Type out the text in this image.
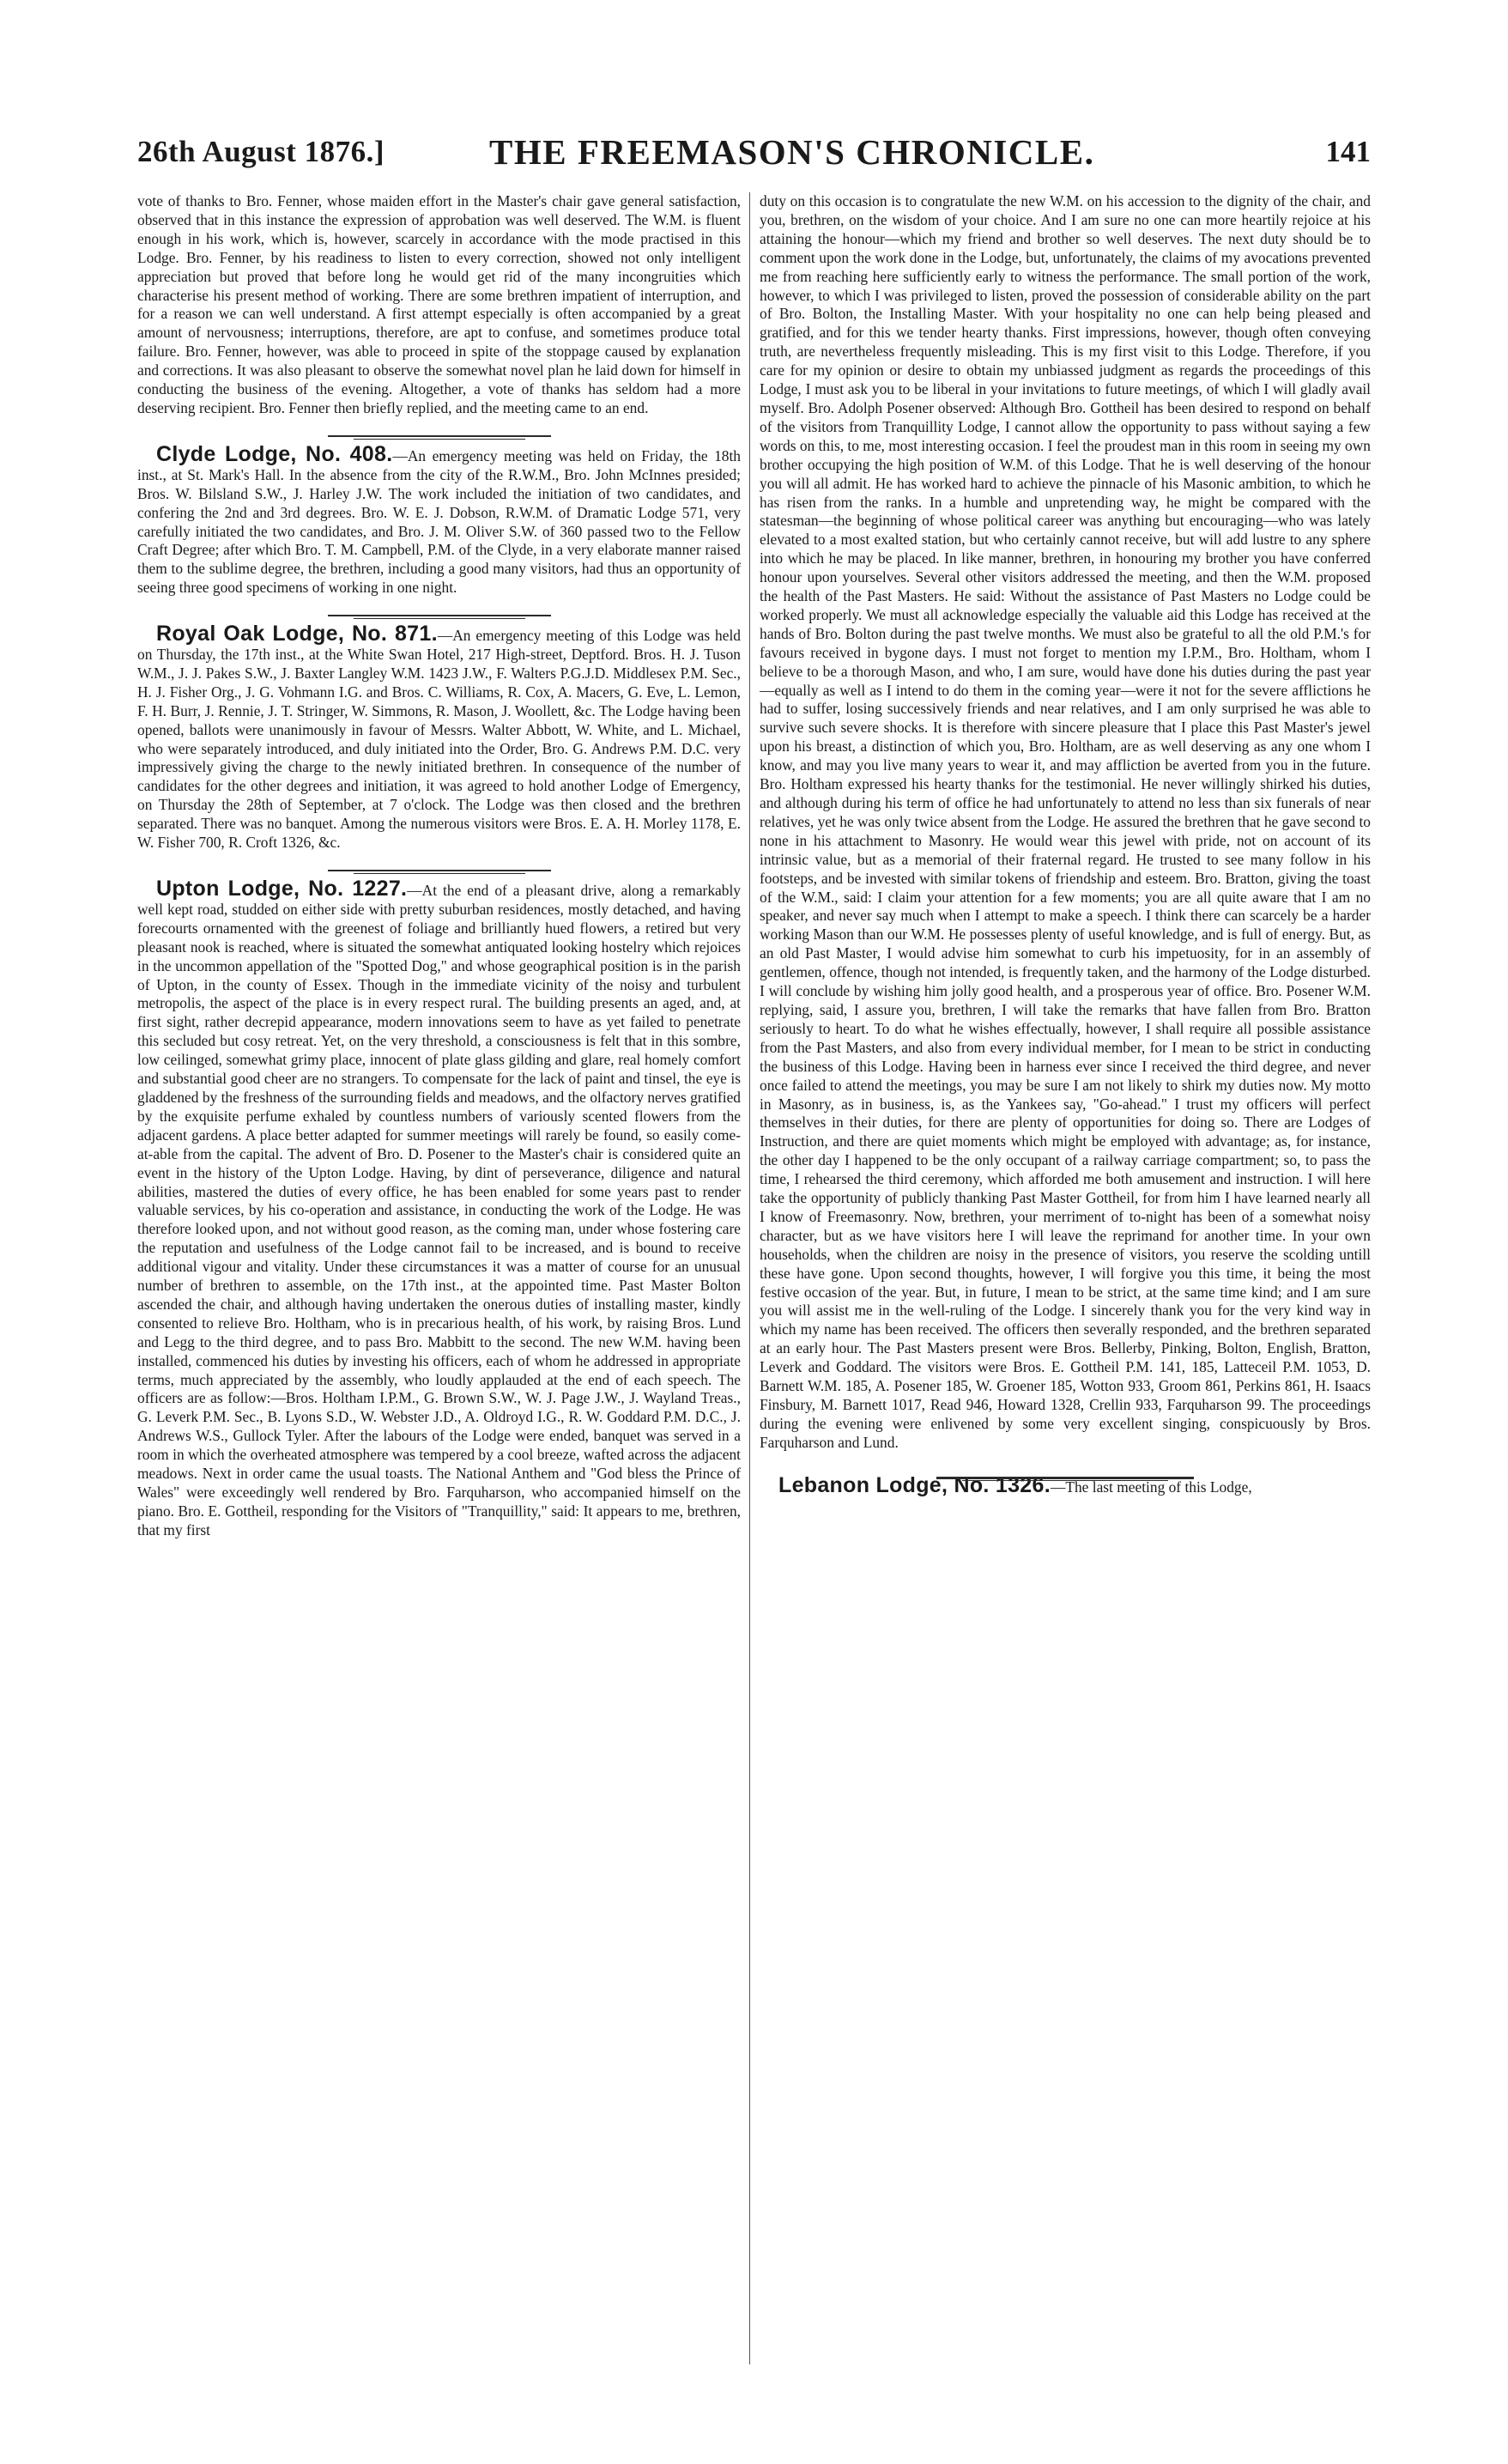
26th August 1876.]	THE FREEMASON'S CHRONICLE.	141

vote of thanks to Bro. Fenner, whose maiden effort in the Master's chair gave general satisfaction, observed that in this instance the expression of approbation was well deserved. The W.M. is fluent enough in his work, which is, however, scarcely in accordance with the mode practised in this Lodge. Bro. Fenner, by his readiness to listen to every correction, showed not only intelligent appreciation but proved that before long he would get rid of the many incongruities which characterise his present method of working. There are some brethren impatient of interruption, and for a reason we can well understand. A first attempt especially is often accompanied by a great amount of nervousness; interruptions, therefore, are apt to confuse, and sometimes produce total failure. Bro. Fenner, however, was able to proceed in spite of the stoppage caused by explanation and corrections. It was also pleasant to observe the somewhat novel plan he laid down for himself in conducting the business of the evening. Altogether, a vote of thanks has seldom had a more deserving recipient. Bro. Fenner then briefly replied, and the meeting came to an end.

Clyde Lodge, No. 408.—An emergency meeting was held on Friday, the 18th inst., at St. Mark's Hall. In the absence from the city of the R.W.M., Bro. John McInnes presided; Bros. W. Bilsland S.W., J. Harley J.W. The work included the initiation of two candidates, and confering the 2nd and 3rd degrees. Bro. W. E. J. Dobson, R.W.M. of Dramatic Lodge 571, very carefully initiated the two candidates, and Bro. J. M. Oliver S.W. of 360 passed two to the Fellow Craft Degree; after which Bro. T. M. Campbell, P.M. of the Clyde, in a very elaborate manner raised them to the sublime degree, the brethren, including a good many visitors, had thus an opportunity of seeing three good specimens of working in one night.

Royal Oak Lodge, No. 871.—An emergency meeting of this Lodge was held on Thursday, the 17th inst., at the White Swan Hotel, 217 High-street, Deptford. Bros. H. J. Tuson W.M., J. J. Pakes S.W., J. Baxter Langley W.M. 1423 J.W., F. Walters P.G.J.D. Middlesex P.M. Sec., H. J. Fisher Org., J. G. Vohmann I.G. and Bros. C. Williams, R. Cox, A. Macers, G. Eve, L. Lemon, F. H. Burr, J. Rennie, J. T. Stringer, W. Simmons, R. Mason, J. Woollett, &c. The Lodge having been opened, ballots were unanimously in favour of Messrs. Walter Abbott, W. White, and L. Michael, who were separately introduced, and duly initiated into the Order, Bro. G. Andrews P.M. D.C. very impressively giving the charge to the newly initiated brethren. In consequence of the number of candidates for the other degrees and initiation, it was agreed to hold another Lodge of Emergency, on Thursday the 28th of September, at 7 o'clock. The Lodge was then closed and the brethren separated. There was no banquet. Among the numerous visitors were Bros. E. A. H. Morley 1178, E. W. Fisher 700, R. Croft 1326, &c.

Upton Lodge, No. 1227.—At the end of a pleasant drive, along a remarkably well kept road, studded on either side with pretty suburban residences, mostly detached, and having forecourts ornamented with the greenest of foliage and brilliantly hued flowers, a retired but very pleasant nook is reached, where is situated the somewhat antiquated looking hostelry which rejoices in the uncommon appellation of the "Spotted Dog," and whose geographical position is in the parish of Upton, in the county of Essex. Though in the immediate vicinity of the noisy and turbulent metropolis, the aspect of the place is in every respect rural. The building presents an aged, and, at first sight, rather decrepid appearance, modern innovations seem to have as yet failed to penetrate this secluded but cosy retreat. Yet, on the very threshold, a consciousness is felt that in this sombre, low ceilinged, somewhat grimy place, innocent of plate glass gilding and glare, real homely comfort and substantial good cheer are no strangers. To compensate for the lack of paint and tinsel, the eye is gladdened by the freshness of the surrounding fields and meadows, and the olfactory nerves gratified by the exquisite perfume exhaled by countless numbers of variously scented flowers from the adjacent gardens. A place better adapted for summer meetings will rarely be found, so easily come-at-able from the capital. The advent of Bro. D. Posener to the Master's chair is considered quite an event in the history of the Upton Lodge. Having, by dint of perseverance, diligence and natural abilities, mastered the duties of every office, he has been enabled for some years past to render valuable services, by his co-operation and assistance, in conducting the work of the Lodge. He was therefore looked upon, and not without good reason, as the coming man, under whose fostering care the reputation and usefulness of the Lodge cannot fail to be increased, and is bound to receive additional vigour and vitality. Under these circumstances it was a matter of course for an unusual number of brethren to assemble, on the 17th inst., at the appointed time. Past Master Bolton ascended the chair, and although having undertaken the onerous duties of installing master, kindly consented to relieve Bro. Holtham, who is in precarious health, of his work, by raising Bros. Lund and Legg to the third degree, and to pass Bro. Mabbitt to the second. The new W.M. having been installed, commenced his duties by investing his officers, each of whom he addressed in appropriate terms, much appreciated by the assembly, who loudly applauded at the end of each speech. The officers are as follow:—Bros. Holtham I.P.M., G. Brown S.W., W. J. Page J.W., J. Wayland Treas., G. Leverk P.M. Sec., B. Lyons S.D., W. Webster J.D., A. Oldroyd I.G., R. W. Goddard P.M. D.C., J. Andrews W.S., Gullock Tyler. After the labours of the Lodge were ended, banquet was served in a room in which the overheated atmosphere was tempered by a cool breeze, wafted across the adjacent meadows. Next in order came the usual toasts. The National Anthem and "God bless the Prince of Wales" were exceedingly well rendered by Bro. Farquharson, who accompanied himself on the piano. Bro. E. Gottheil, responding for the Visitors of "Tranquillity," said: It appears to me, brethren, that my first

duty on this occasion is to congratulate the new W.M. on his accession to the dignity of the chair, and you, brethren, on the wisdom of your choice. And I am sure no one can more heartily rejoice at his attaining the honour—which my friend and brother so well deserves. The next duty should be to comment upon the work done in the Lodge, but, unfortunately, the claims of my avocations prevented me from reaching here sufficiently early to witness the performance. The small portion of the work, however, to which I was privileged to listen, proved the possession of considerable ability on the part of Bro. Bolton, the Installing Master. With your hospitality no one can help being pleased and gratified, and for this we tender hearty thanks. First impressions, however, though often conveying truth, are nevertheless frequently misleading. This is my first visit to this Lodge. Therefore, if you care for my opinion or desire to obtain my unbiassed judgment as regards the proceedings of this Lodge, I must ask you to be liberal in your invitations to future meetings, of which I will gladly avail myself. Bro. Adolph Posener observed: Although Bro. Gottheil has been desired to respond on behalf of the visitors from Tranquillity Lodge, I cannot allow the opportunity to pass without saying a few words on this, to me, most interesting occasion. I feel the proudest man in this room in seeing my own brother occupying the high position of W.M. of this Lodge. That he is well deserving of the honour you will all admit. He has worked hard to achieve the pinnacle of his Masonic ambition, to which he has risen from the ranks. In a humble and unpretending way, he might be compared with the statesman—the beginning of whose political career was anything but encouraging—who was lately elevated to a most exalted station, but who certainly cannot receive, but will add lustre to any sphere into which he may be placed. In like manner, brethren, in honouring my brother you have conferred honour upon yourselves. Several other visitors addressed the meeting, and then the W.M. proposed the health of the Past Masters. He said: Without the assistance of Past Masters no Lodge could be worked properly. We must all acknowledge especially the valuable aid this Lodge has received at the hands of Bro. Bolton during the past twelve months. We must also be grateful to all the old P.M.'s for favours received in bygone days. I must not forget to mention my I.P.M., Bro. Holtham, whom I believe to be a thorough Mason, and who, I am sure, would have done his duties during the past year—equally as well as I intend to do them in the coming year—were it not for the severe afflictions he had to suffer, losing successively friends and near relatives, and I am only surprised he was able to survive such severe shocks. It is therefore with sincere pleasure that I place this Past Master's jewel upon his breast, a distinction of which you, Bro. Holtham, are as well deserving as any one whom I know, and may you live many years to wear it, and may affliction be averted from you in the future. Bro. Holtham expressed his hearty thanks for the testimonial. He never willingly shirked his duties, and although during his term of office he had unfortunately to attend no less than six funerals of near relatives, yet he was only twice absent from the Lodge. He assured the brethren that he gave second to none in his attachment to Masonry. He would wear this jewel with pride, not on account of its intrinsic value, but as a memorial of their fraternal regard. He trusted to see many follow in his footsteps, and be invested with similar tokens of friendship and esteem. Bro. Bratton, giving the toast of the W.M., said: I claim your attention for a few moments; you are all quite aware that I am no speaker, and never say much when I attempt to make a speech. I think there can scarcely be a harder working Mason than our W.M. He possesses plenty of useful knowledge, and is full of energy. But, as an old Past Master, I would advise him somewhat to curb his impetuosity, for in an assembly of gentlemen, offence, though not intended, is frequently taken, and the harmony of the Lodge disturbed. I will conclude by wishing him jolly good health, and a prosperous year of office. Bro. Posener W.M. replying, said, I assure you, brethren, I will take the remarks that have fallen from Bro. Bratton seriously to heart. To do what he wishes effectually, however, I shall require all possible assistance from the Past Masters, and also from every individual member, for I mean to be strict in conducting the business of this Lodge. Having been in harness ever since I received the third degree, and never once failed to attend the meetings, you may be sure I am not likely to shirk my duties now. My motto in Masonry, as in business, is, as the Yankees say, "Go-ahead." I trust my officers will perfect themselves in their duties, for there are plenty of opportunities for doing so. There are Lodges of Instruction, and there are quiet moments which might be employed with advantage; as, for instance, the other day I happened to be the only occupant of a railway carriage compartment; so, to pass the time, I rehearsed the third ceremony, which afforded me both amusement and instruction. I will here take the opportunity of publicly thanking Past Master Gottheil, for from him I have learned nearly all I know of Freemasonry. Now, brethren, your merriment of to-night has been of a somewhat noisy character, but as we have visitors here I will leave the reprimand for another time. In your own households, when the children are noisy in the presence of visitors, you reserve the scolding untill these have gone. Upon second thoughts, however, I will forgive you this time, it being the most festive occasion of the year. But, in future, I mean to be strict, at the same time kind; and I am sure you will assist me in the well-ruling of the Lodge. I sincerely thank you for the very kind way in which my name has been received. The officers then severally responded, and the brethren separated at an early hour. The Past Masters present were Bros. Bellerby, Pinking, Bolton, English, Bratton, Leverk and Goddard. The visitors were Bros. E. Gottheil P.M. 141, 185, Latteceil P.M. 1053, D. Barnett W.M. 185, A. Posener 185, W. Groener 185, Wotton 933, Groom 861, Perkins 861, H. Isaacs Finsbury, M. Barnett 1017, Read 946, Howard 1328, Crellin 933, Farquharson 99. The proceedings during the evening were enlivened by some very excellent singing, conspicuously by Bros. Farquharson and Lund.

Lebanon Lodge, No. 1326.—The last meeting of this Lodge,
